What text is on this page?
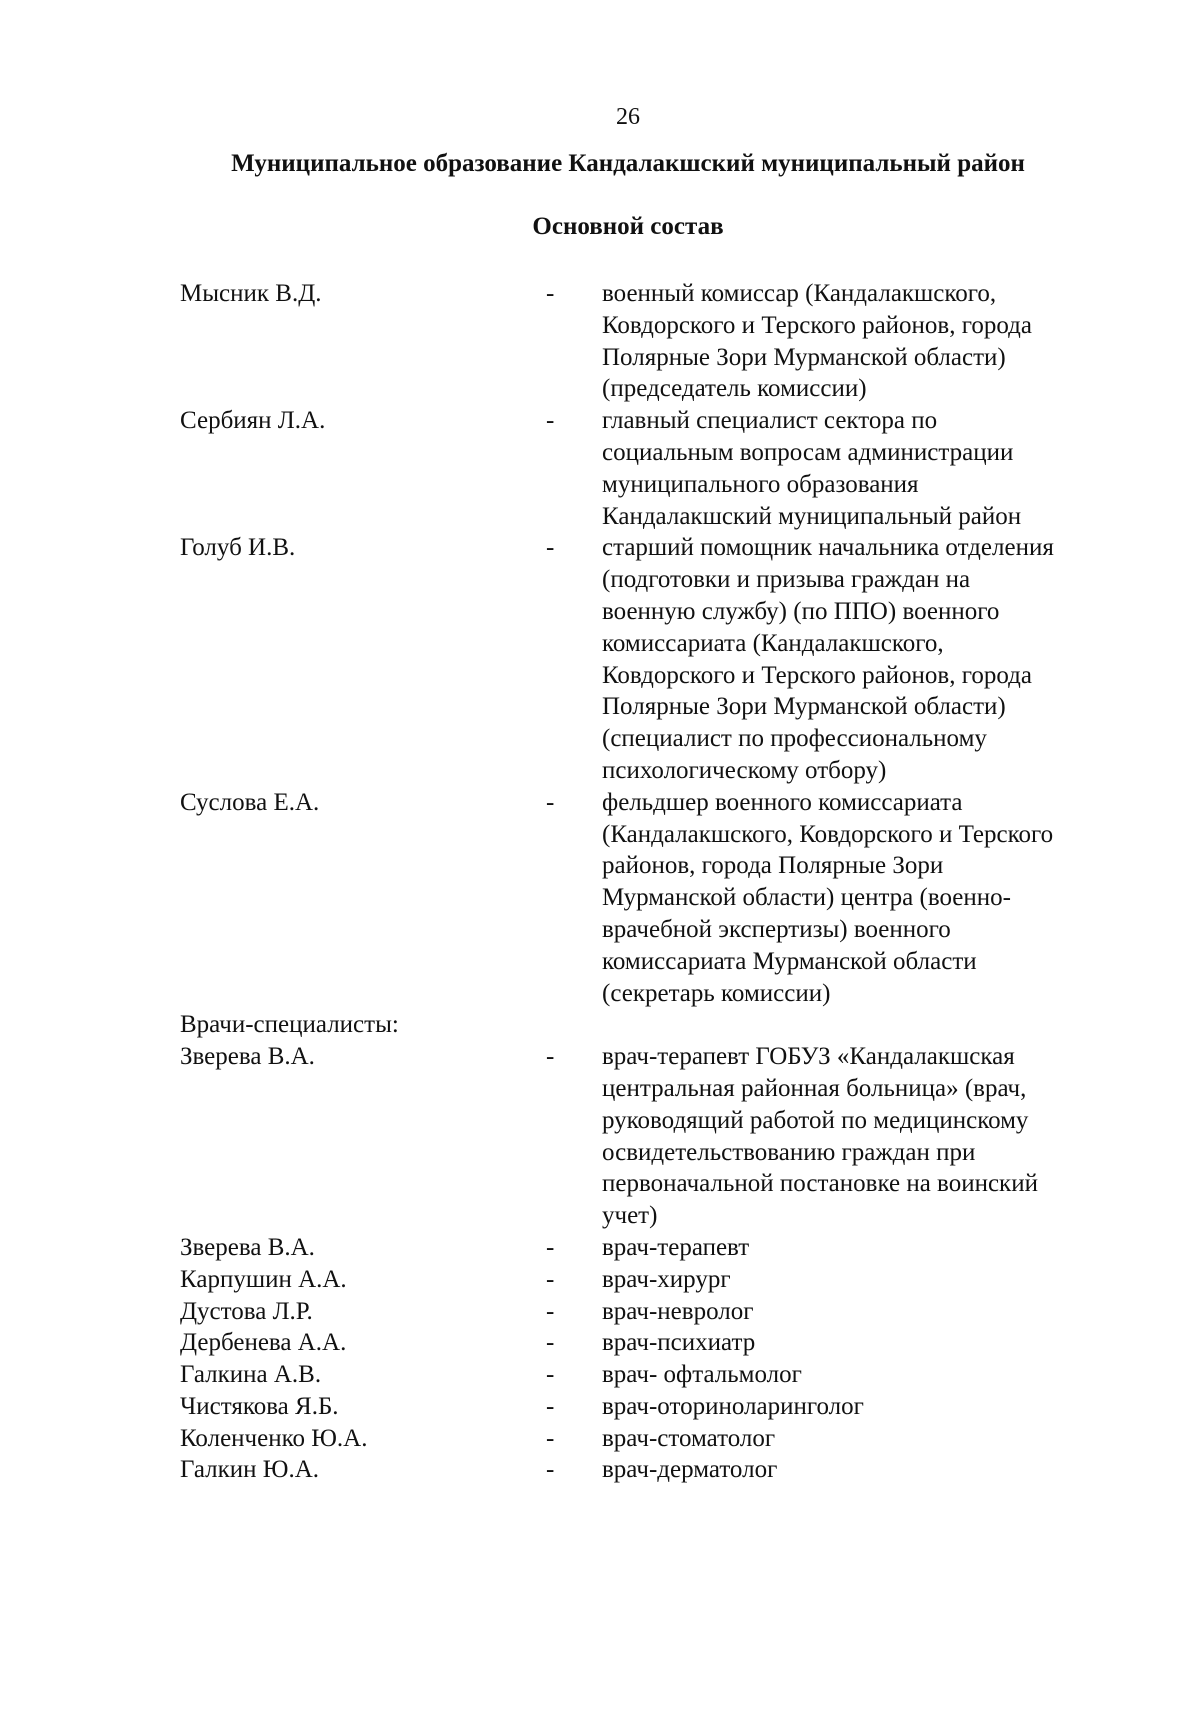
26
Муниципальное образование Кандалакшский муниципальный район
Основной состав
Мысник В.Д.	-	военный комиссар (Кандалакшского,
Ковдорского и Терского районов, города
Полярные Зори Мурманской области)
(председатель комиссии)
Сербиян Л.А.	-	главный специалист сектора по
социальным вопросам администрации
муниципального образования
Кандалакшский муниципальный район
Голуб И.В.	-	старший помощник начальника отделения
(подготовки и призыва граждан на
военную службу) (по ППО) военного
комиссариата (Кандалакшского,
Ковдорского и Терского районов, города
Полярные Зори Мурманской области)
(специалист по профессиональному
психологическому отбору)
Суслова Е.А.	-	фельдшер военного комиссариата
(Кандалакшского, Ковдорского и Терского
районов, города Полярные Зори
Мурманской области) центра (военно-
врачебной экспертизы) военного
комиссариата Мурманской области
(секретарь комиссии)
Врачи-специалисты:
Зверева В.А.	-	врач-терапевт ГОБУЗ «Кандалакшская
центральная районная больница» (врач,
руководящий работой по медицинскому
освидетельствованию граждан при
первоначальной постановке на воинский
учет)
Зверева В.А.	-	врач-терапевт
Карпушин А.А.	-	врач-хирург
Дустова Л.Р.	-	врач-невролог
Дербенева А.А.	-	врач-психиатр
Галкина А.В.	-	врач- офтальмолог
Чистякова Я.Б.	-	врач-оториноларинголог
Коленченко Ю.А.	-	врач-стоматолог
Галкин Ю.А.	-	врач-дерматолог
